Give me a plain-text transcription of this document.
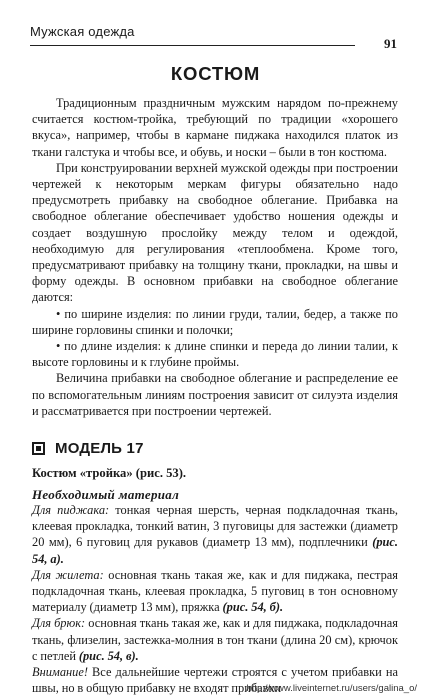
Мужская одежда
91
КОСТЮМ

Традиционным праздничным мужским нарядом по-прежнему считается костюм-тройка, требующий по традиции «хорошего вкуса», например, чтобы в кармане пиджака находился платок из ткани галстука и чтобы все, и обувь, и носки – были в тон костюма.

При конструировании верхней мужской одежды при построении чертежей к некоторым меркам фигуры обязательно надо предусмотреть прибавку на свободное облегание. Прибавка на свободное облегание обеспечивает удобство ношения одежды и создает воздушную прослойку между телом и одеждой, необходимую для регулирования «теплообмена. Кроме того, предусматривают прибавку на толщину ткани, прокладки, на швы и форму одежды. В основном прибавки на свободное облегание даются:

• по ширине изделия: по линии груди, талии, бедер, а также по ширине горловины спинки и полочки;

• по длине изделия: к длине спинки и переда до линии талии, к высоте горловины и к глубине проймы.

Величина прибавки на свободное облегание и распределение ее по вспомогательным линиям построения зависит от силуэта изделия и рассматривается при построении чертежей.

МОДЕЛЬ 17
Костюм «тройка» (рис. 53).
Необходимый материал

Для пиджака: тонкая черная шерсть, черная подкладочная ткань, клеевая прокладка, тонкий ватин, 3 пуговицы для застежки (диаметр 20 мм), 6 пуговиц для рукавов (диаметр 13 мм), подплечники (рис. 54, а).

Для жилета: основная ткань такая же, как и для пиджака, пестрая подкладочная ткань, клеевая прокладка, 5 пуговиц в тон основному материалу (диаметр 13 мм), пряжка (рис. 54, б).

Для брюк: основная ткань такая же, как и для пиджака, подкладочная ткань, флизелин, застежка-молния в тон ткани (длина 20 см), крючок с петлей (рис. 54, в).

Внимание! Все дальнейшие чертежи строятся с учетом прибавки на швы, но в общую прибавку не входят прибавки

http://www.liveinternet.ru/users/galina_o/
